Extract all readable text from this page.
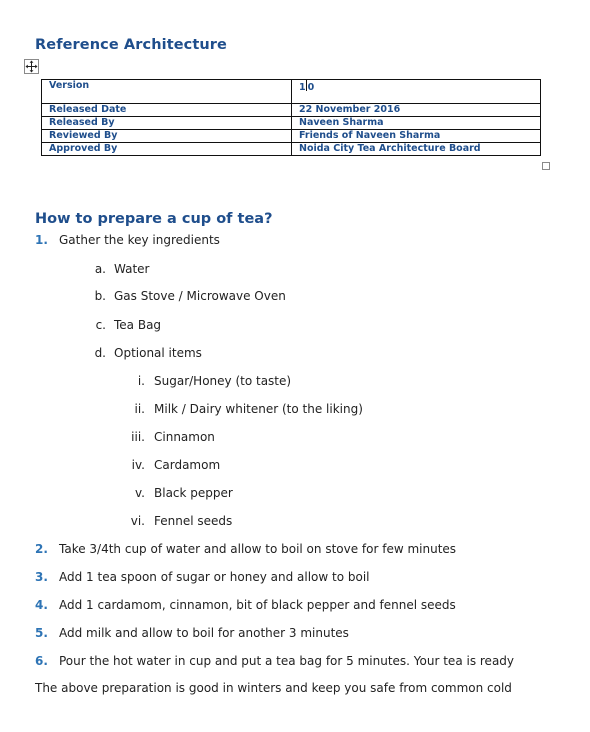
Reference Architecture
Version	1 0
Released Date	22 November 2016
Released By	Naveen Sharma
Reviewed By	Friends of Naveen Sharma
Approved By	Noida City Tea Architecture Board
How to prepare a cup of tea?
1. Gather the key ingredients
a. Water
b. Gas Stove / Microwave Oven
c. Tea Bag
d. Optional items
i. Sugar/Honey (to taste)
ii. Milk / Dairy whitener (to the liking)
iii. Cinnamon
iv. Cardamom
v. Black pepper
vi. Fennel seeds
2. Take 3/4th cup of water and allow to boil on stove for few minutes
3. Add 1 tea spoon of sugar or honey and allow to boil
4. Add 1 cardamom, cinnamon, bit of black pepper and fennel seeds
5. Add milk and allow to boil for another 3 minutes
6. Pour the hot water in cup and put a tea bag for 5 minutes. Your tea is ready
The above preparation is good in winters and keep you safe from common cold
